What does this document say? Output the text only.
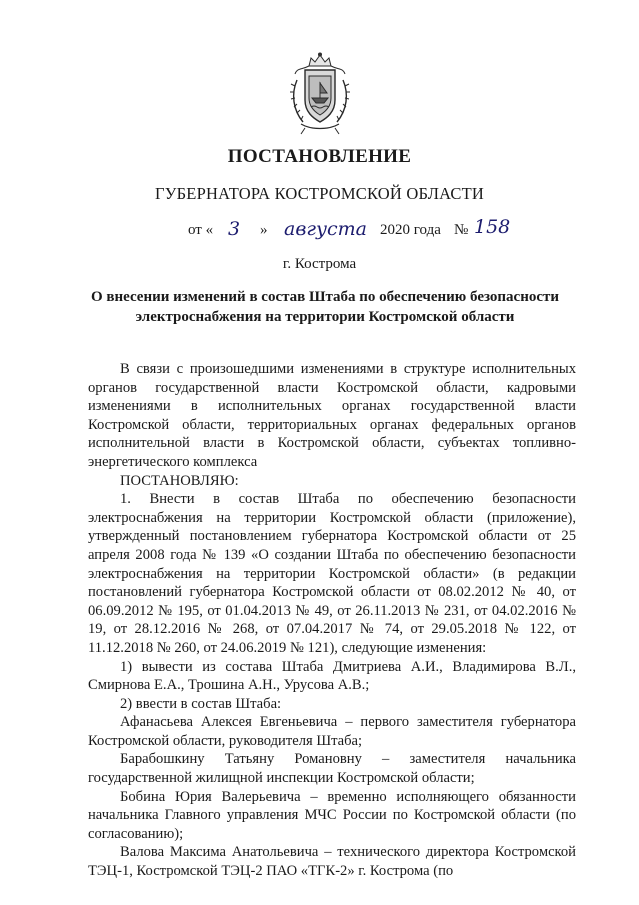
ПОСТАНОВЛЕНИЕ
ГУБЕРНАТОРА КОСТРОМСКОЙ ОБЛАСТИ
от « 3 » августа 2020 года № 158
г. Кострома
О внесении изменений в состав Штаба по обеспечению безопасности
электроснабжения на территории Костромской области

В связи с произошедшими изменениями в структуре исполнительных органов государственной власти Костромской области, кадровыми изменениями в исполнительных органах государственной власти Костромской области, территориальных органах федеральных органов исполнительной власти в Костромской области, субъектах топливно-энергетического комплекса

ПОСТАНОВЛЯЮ:

1. Внести в состав Штаба по обеспечению безопасности электроснабжения на территории Костромской области (приложение), утвержденный постановлением губернатора Костромской области от 25 апреля 2008 года № 139 «О создании Штаба по обеспечению безопасности электроснабжения на территории Костромской области» (в редакции постановлений губернатора Костромской области от 08.02.2012 № 40, от 06.09.2012 № 195, от 01.04.2013 № 49, от 26.11.2013 № 231, от 04.02.2016 № 19, от 28.12.2016 № 268, от 07.04.2017 № 74, от 29.05.2018 № 122, от 11.12.2018 № 260, от 24.06.2019 № 121), следующие изменения:

1) вывести из состава Штаба Дмитриева А.И., Владимирова В.Л., Смирнова Е.А., Трошина А.Н., Урусова А.В.;

2) ввести в состав Штаба:

Афанасьева Алексея Евгеньевича – первого заместителя губернатора Костромской области, руководителя Штаба;

Барабошкину Татьяну Романовну – заместителя начальника государственной жилищной инспекции Костромской области;

Бобина Юрия Валерьевича – временно исполняющего обязанности начальника Главного управления МЧС России по Костромской области (по согласованию);

Валова Максима Анатольевича – технического директора Костромской ТЭЦ-1, Костромской ТЭЦ-2 ПАО «ТГК-2» г. Кострома (по
